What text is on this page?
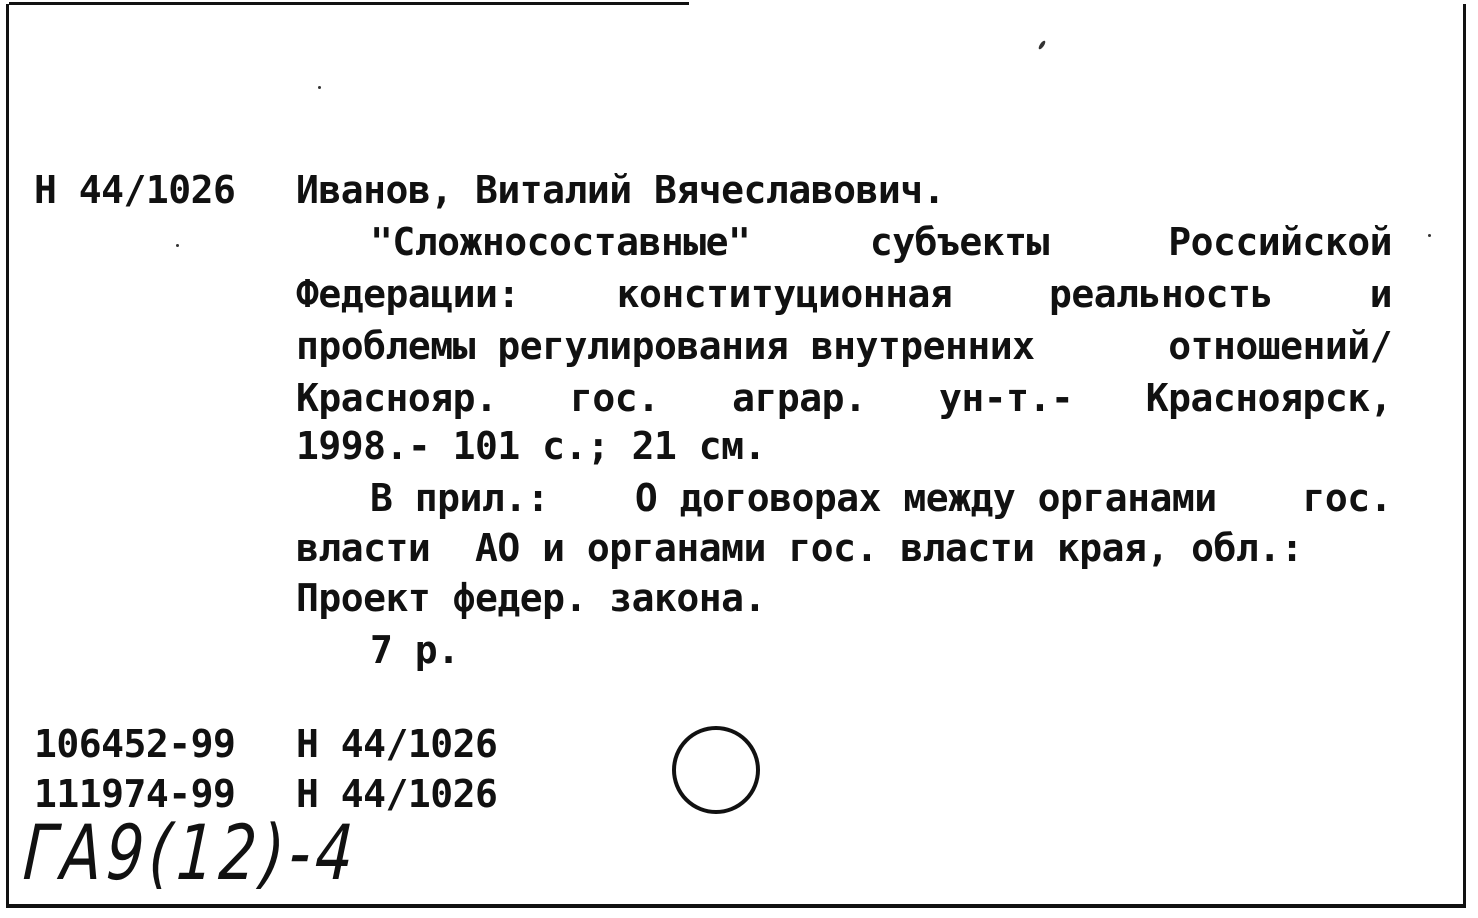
Н 44/1026 Иванов, Виталий Вячеславович.
"Сложносоставные"	субъекты	Российской
Федерации:	конституционная	реальность	и
проблемы регулирования внутренних	отношений/
Краснояр. гос. аграр. ун-т.- Красноярск,
1998.- 101 с.; 21 см.
В прил.: О договорах между органами гос.
власти  АО и органами гос. власти края, обл.:
Проект федер. закона.
7 р.
106452-99 Н 44/1026
111974-99 Н 44/1026
ГА9(12)-4
